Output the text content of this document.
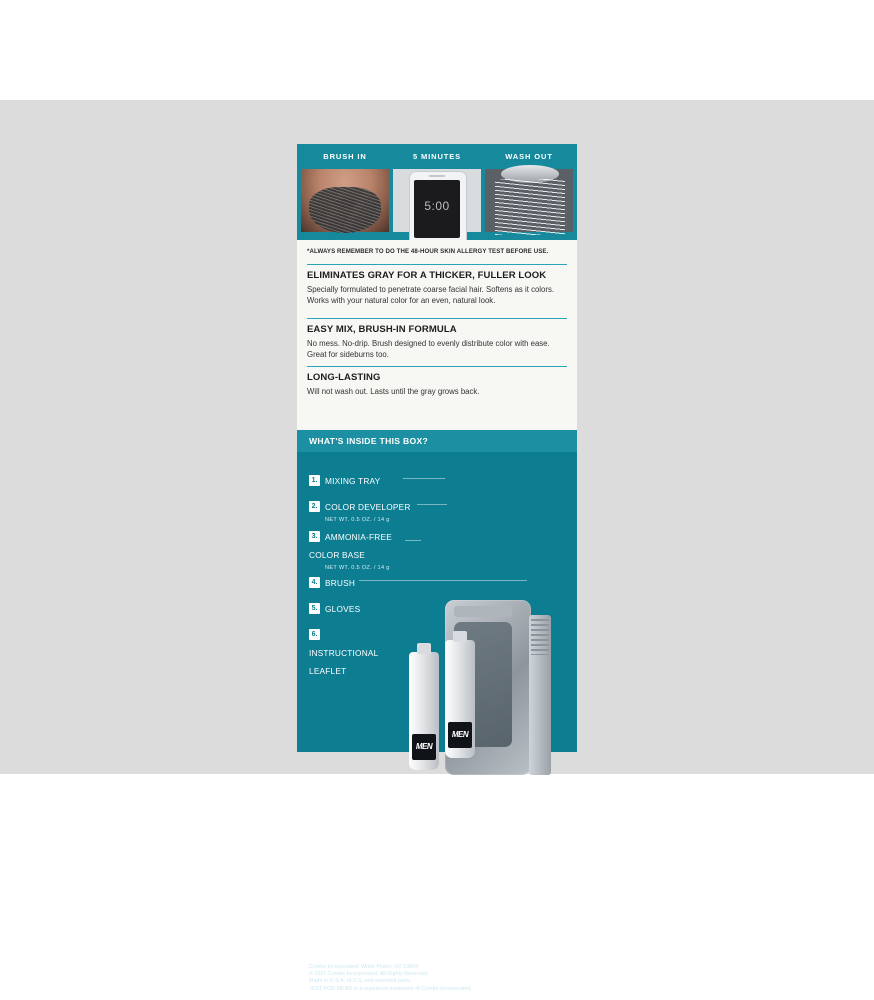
BRUSH IN	5 MINUTES
5:00
WASH OUT
*ALWAYS REMEMBER TO DO THE 48-HOUR SKIN ALLERGY TEST BEFORE USE.
ELIMINATES GRAY FOR A THICKER, FULLER LOOK

Specially formulated to penetrate coarse facial hair. Softens as it colors. Works with your natural color for an even, natural look.

EASY MIX, BRUSH-IN FORMULA

No mess. No-drip. Brush designed to evenly distribute color with ease. Great for sideburns too.

LONG-LASTING

Will not wash out. Lasts until the gray grows back.

WHAT'S INSIDE THIS BOX?
MEN
MEN
1. MIXING TRAY
2. COLOR DEVELOPER
NET WT. 0.5 OZ. / 14 g
3. AMMONIA-FREE COLOR BASE
NET WT. 0.5 OZ. / 14 g
4. BRUSH
5. GLOVES
6.INSTRUCTIONAL LEAFLET
Combe Incorporated, White Plains, NY 10604
© 2021 Combe Incorporated. All Rights Reserved.
Made in U.S.A. of U.S. and imported parts.
JUST FOR MEN® is a registered trademark of Combe Incorporated.
U.S. Patent Pending.
